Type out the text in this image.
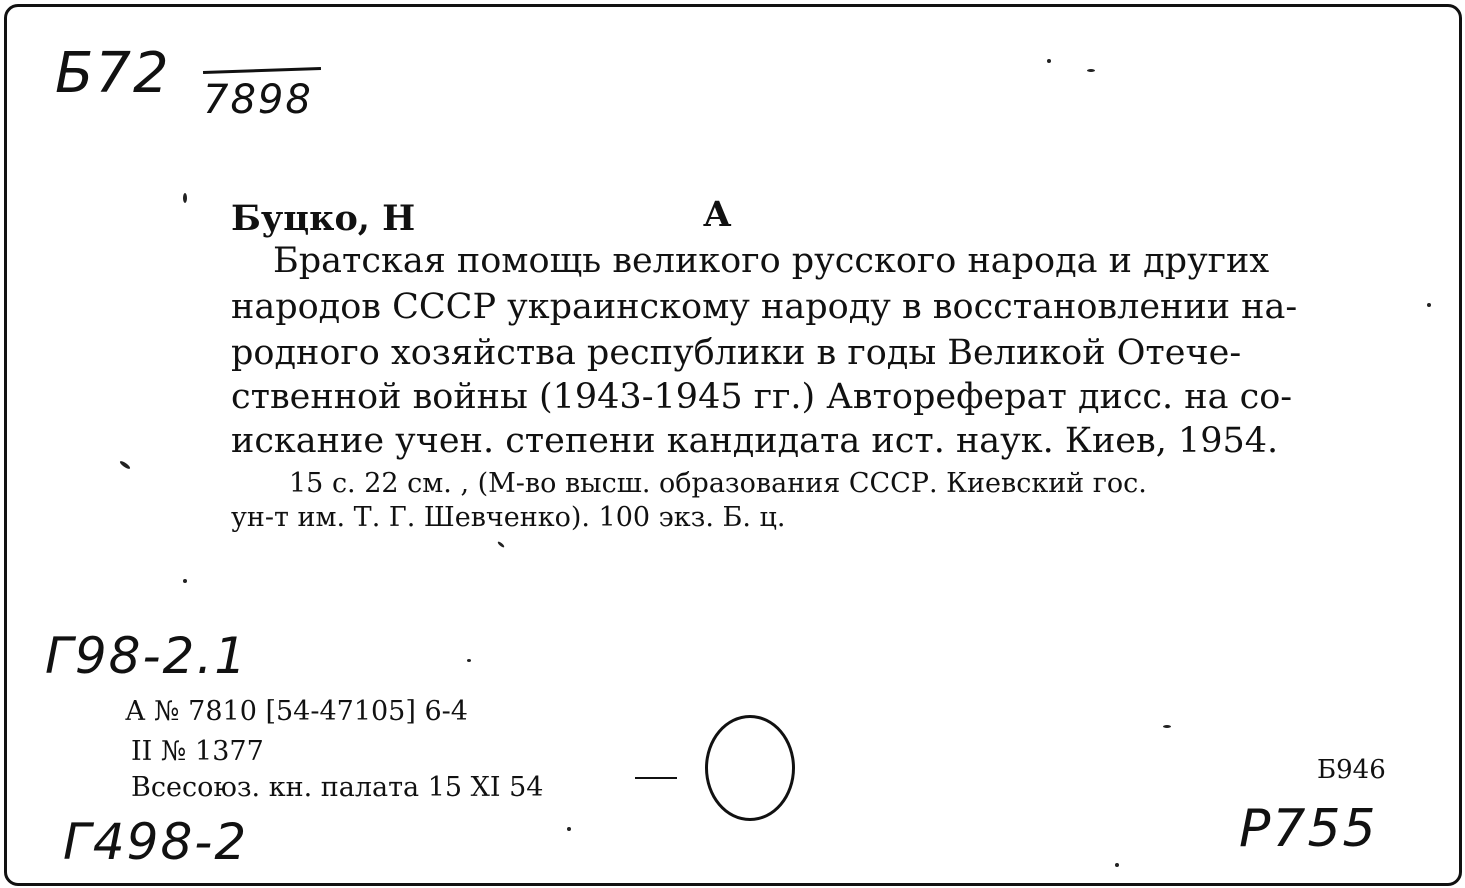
Б72 7898
Буцко, Н	А
Братская помощь великого русского народа и других
народов СССР украинскому народу в восстановлении на-
родного хозяйства республики в годы Великой Отече-
ственной войны (1943-1945 гг.) Автореферат дисс. на со-
искание учен. степени кандидата ист. наук. Киев, 1954.
15 с. 22 см. , (М-во высш. образования СССР. Киевский гос.
ун-т им. Т. Г. Шевченко). 100 экз. Б. ц.
Г98-2.1
А № 7810 [54-47105] 6-4
II № 1377
Всесоюз. кн. палата 15 XI 54
Б946
Г498-2	Р755
